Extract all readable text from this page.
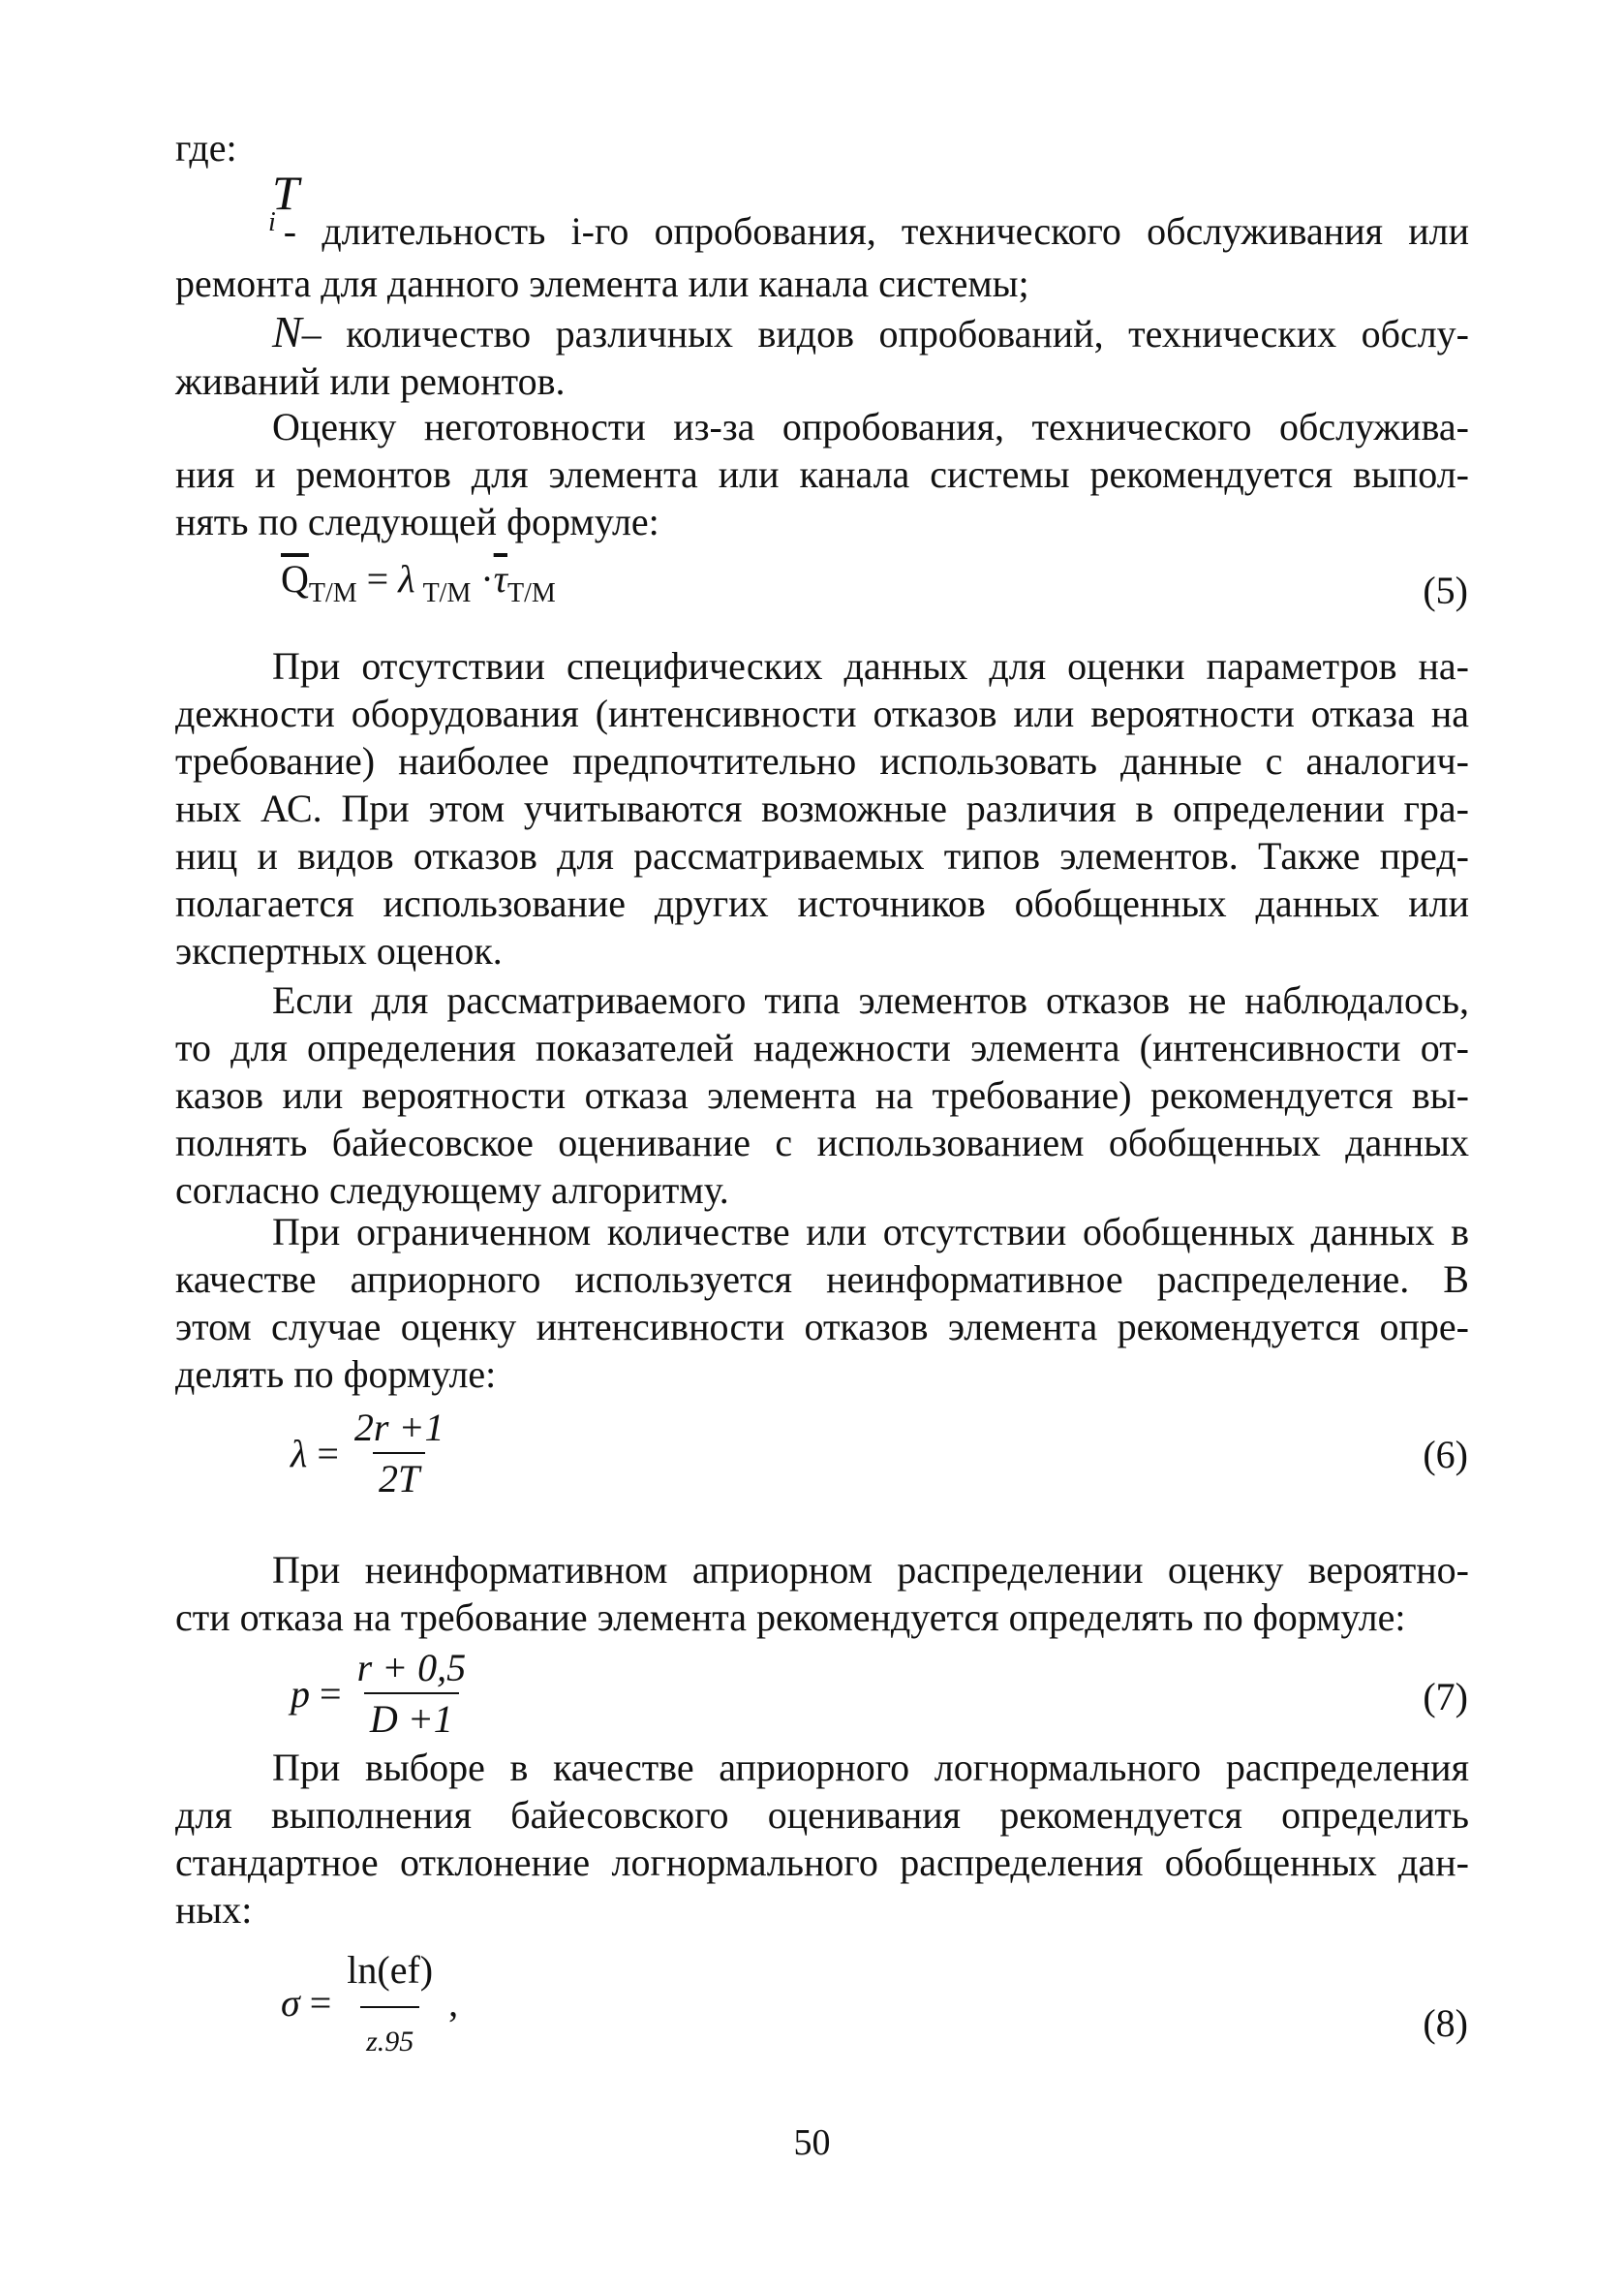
где:
T
$^i$ - длительность i-го опробования, технического обслуживания или
ремонта для данного элемента или канала системы;
N– количество различных видов опробований, технических обслу-
живаний или ремонтов.
Оценку неготовности из-за опробования, технического обслужива-
ния и ремонтов для элемента или канала системы рекомендуется выпол-
нять по следующей формуле:
$\overline{Q}_{Т/М} = \lambda$ $_{Т/М} \cdot\overline{\tau}_{Т/М}$	(5)
При отсутствии специфических данных для оценки параметров на-
дежности оборудования (интенсивности отказов или вероятности отказа на
требование) наиболее предпочтительно использовать данные с аналогич-
ных АС. При этом учитываются возможные различия в определении гра-
ниц и видов отказов для рассматриваемых типов элементов. Также пред-
полагается использование других источников обобщенных данных или
экспертных оценок.
Если для рассматриваемого типа элементов отказов не наблюдалось,
то для определения показателей надежности элемента (интенсивности от-
казов или вероятности отказа элемента на требование) рекомендуется вы-
полнять байесовское оценивание с использованием обобщенных данных
согласно следующему алгоритму.
При ограниченном количестве или отсутствии обобщенных данных в
качестве априорного используется неинформативное распределение. В
этом случае оценку интенсивности отказов элемента рекомендуется опре-
делять по формуле:
$\lambda = \frac{2r +1}{2T}$	(6)
При неинформативном априорном распределении оценку вероятно-
сти отказа на требование элемента рекомендуется определять по формуле:
$p = \frac{r + 0,5}{D +1}$	(7)
При выборе в качестве априорного логнормального распределения
для выполнения байесовского оценивания рекомендуется определить
стандартное отклонение логнормального распределения обобщенных дан-
ных:
$\sigma = \frac{\ln(ef)}{z.95}$ ,	(8)
50
